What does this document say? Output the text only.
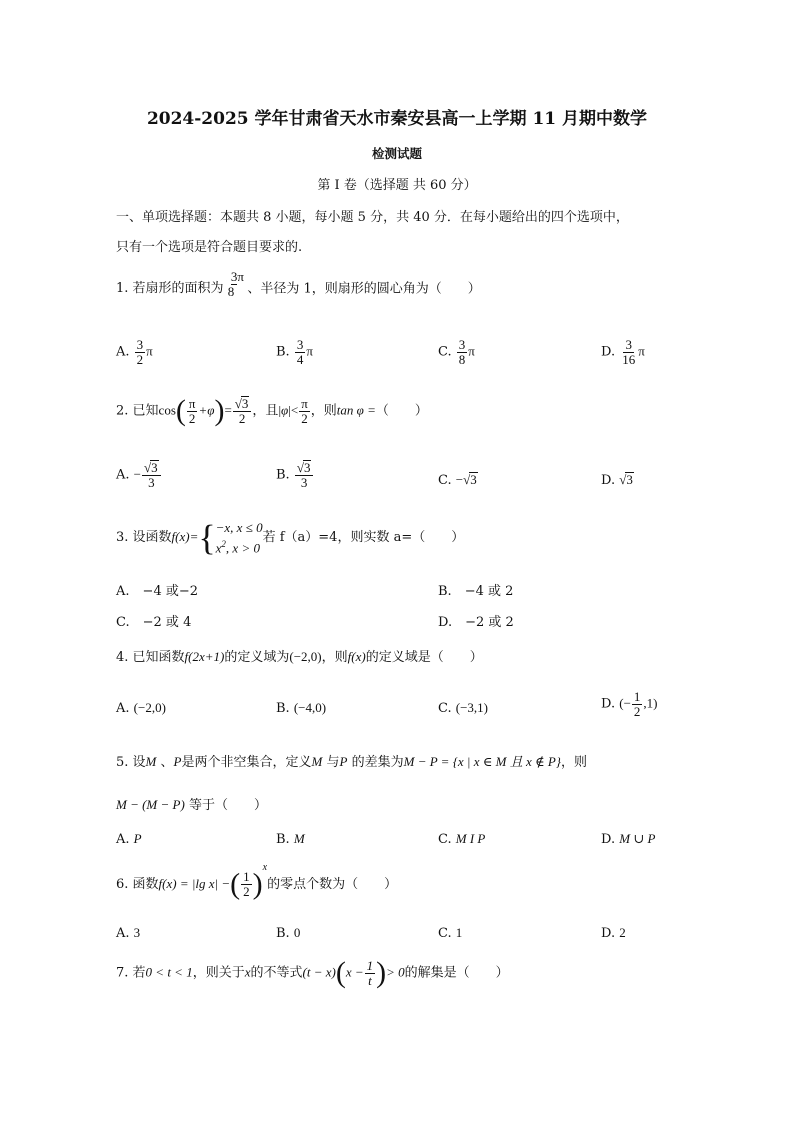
2024-2025 学年甘肃省天水市秦安县高一上学期 11 月期中数学
检测试题
第 I 卷（选择题 共 60 分）
一、单项选择题：本题共 8 小题，每小题 5 分，共 40 分．在每小题给出的四个选项中，
只有一个选项是符合题目要求的.
1. 若扇形的面积为
3π
8 、半径为 1，则扇形的圆心角为（　　）
A. $\frac{3}{2}$ π	B. $\frac{3}{4}$ π	C. $\frac{3}{8}$ π	D. $\frac{3}{16}$ π
2. 已知$\cos( \frac{\pi}{2} +\varphi)= \frac{√3}{2}$ ，且$|\varphi|< \frac{\pi}{2}$ ，则tan φ =（　　）
A. − $\frac{√3}{3}$	B. $\frac{√3}{3}$	C. −√3	D. √3
3. 设函数f(x)={ −x, x ≤ 0
$x^2$, x > 0
若 f（a）=4，则实数 a=（　　）
A.　 −4 或−2	B.　 −4 或 2
C.　 −2 或 4	D.　 −2 或 2
4. 已知函数f(2x+1)的定义域为(−2,0)，则f(x)的定义域是（　　）
A. (−2,0)	B. (−4,0)	C. (−3,1)	D. (− $\frac{1}{2} ,1$)
5. 设M 、P是两个非空集合，定义M 与P 的差集为M − P = {x | x ∈ M 且 x ∉ P}，则
M − (M − P) 等于（　　）
A. P	B. M	C. M I P	D. M ∪ P
6. 函数f(x) = |lg x| −( $\frac{1}{2} )^x$的零点个数为（　　）
A. 3	B. 0	C. 1	D. 2
7. 若0 < t < 1，则关于x的不等式$(t - x)(x - \frac{1}{t}$ )> 0的解集是（　　）
